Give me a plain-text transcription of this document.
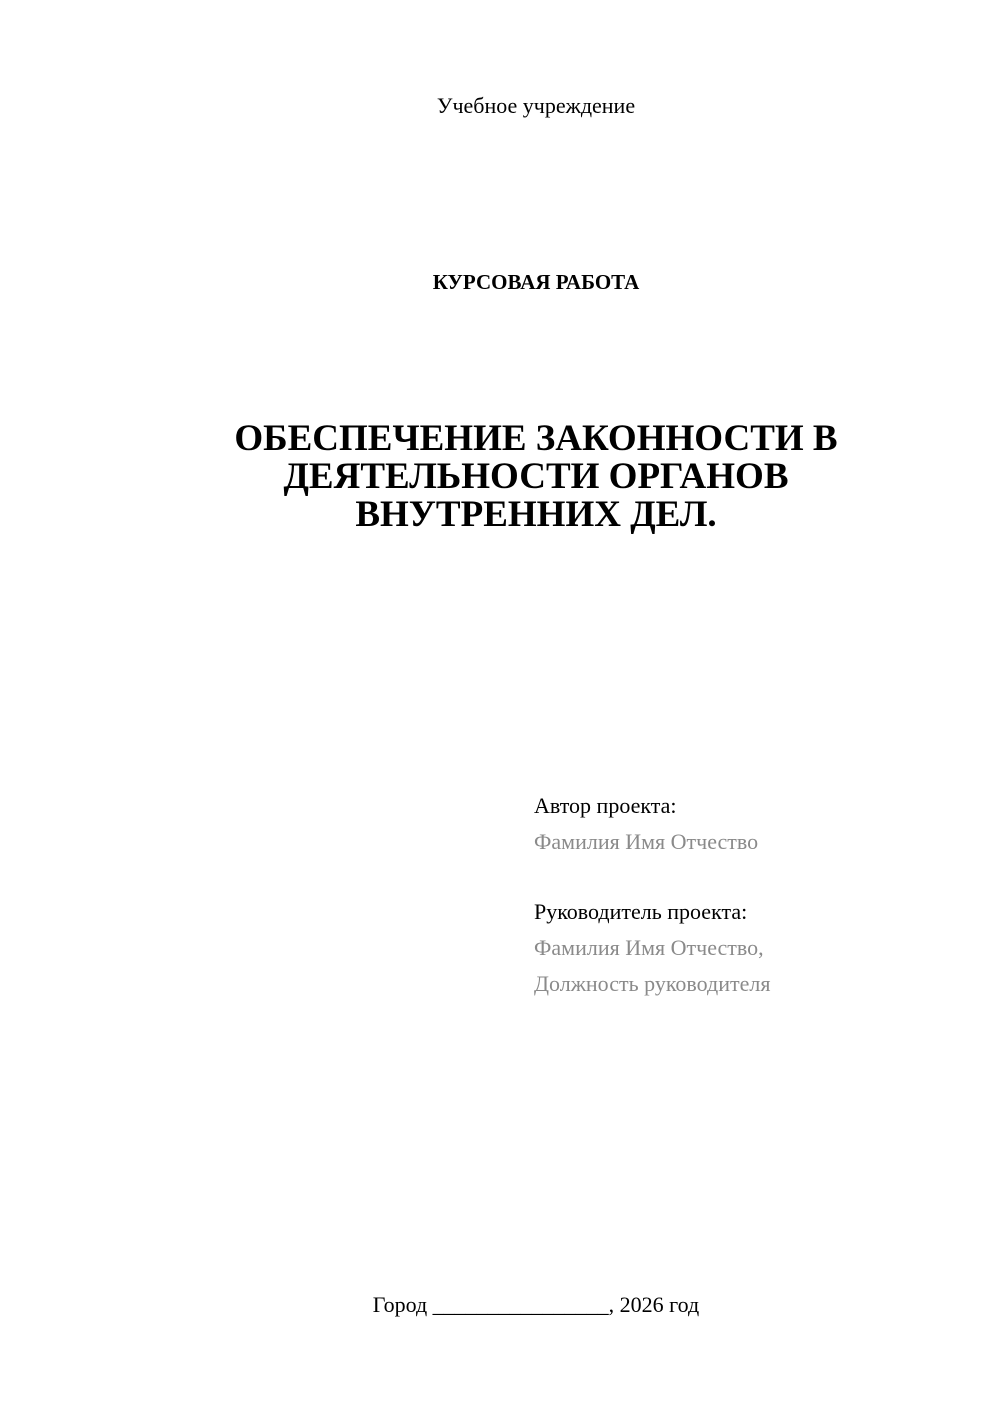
Учебное учреждение
КУРСОВАЯ РАБОТА
ОБЕСПЕЧЕНИЕ ЗАКОННОСТИ В
ДЕЯТЕЛЬНОСТИ ОРГАНОВ
ВНУТРЕННИХ ДЕЛ.
Автор проекта:
Фамилия Имя Отчество
Руководитель проекта:
Фамилия Имя Отчество,
Должность руководителя
Город ________________, 2026 год
